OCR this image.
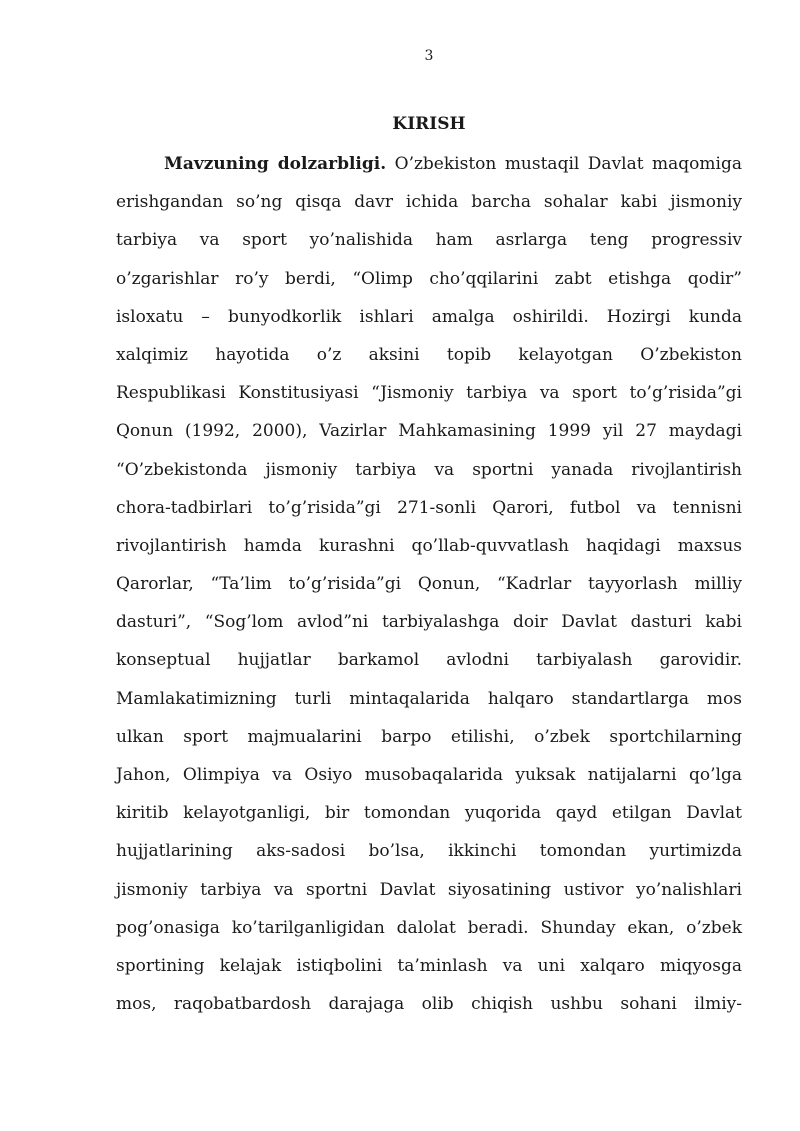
3
KIRISH
Mavzuning dolzarbligi. O’zbekiston mustaqil Davlat maqomiga
erishgandan so’ng qisqa davr ichida barcha sohalar kabi jismoniy
tarbiya va sport yo’nalishida ham asrlarga teng progressiv
o’zgarishlar ro’y berdi, “Olimp cho’qqilarini zabt etishga qodir”
isloxatu – bunyodkorlik ishlari amalga oshirildi. Hozirgi kunda
xalqimiz hayotida o’z aksini topib kelayotgan O’zbekiston
Respublikasi Konstitusiyasi “Jismoniy tarbiya va sport to’g’risida”gi
Qonun (1992, 2000), Vazirlar Mahkamasining 1999 yil 27 maydagi
“O’zbekistonda jismoniy tarbiya va sportni yanada rivojlantirish
chora-tadbirlari to’g’risida”gi 271-sonli Qarori, futbol va tennisni
rivojlantirish hamda kurashni qo’llab-quvvatlash haqidagi maxsus
Qarorlar, “Ta’lim to’g’risida”gi Qonun, “Kadrlar tayyorlash milliy
dasturi”, “Sog’lom avlod”ni tarbiyalashga doir Davlat dasturi kabi
konseptual hujjatlar barkamol avlodni tarbiyalash garovidir.
Mamlakatimizning turli mintaqalarida halqaro standartlarga mos
ulkan sport majmualarini barpo etilishi, o’zbek sportchilarning
Jahon, Olimpiya va Osiyo musobaqalarida yuksak natijalarni qo’lga
kiritib kelayotganligi, bir tomondan yuqorida qayd etilgan Davlat
hujjatlarining aks-sadosi bo’lsa, ikkinchi tomondan yurtimizda
jismoniy tarbiya va sportni Davlat siyosatining ustivor yo’nalishlari
pog’onasiga ko’tarilganligidan dalolat beradi. Shunday ekan, o’zbek
sportining kelajak istiqbolini ta’minlash va uni xalqaro miqyosga
mos, raqobatbardosh darajaga olib chiqish ushbu sohani ilmiy-
